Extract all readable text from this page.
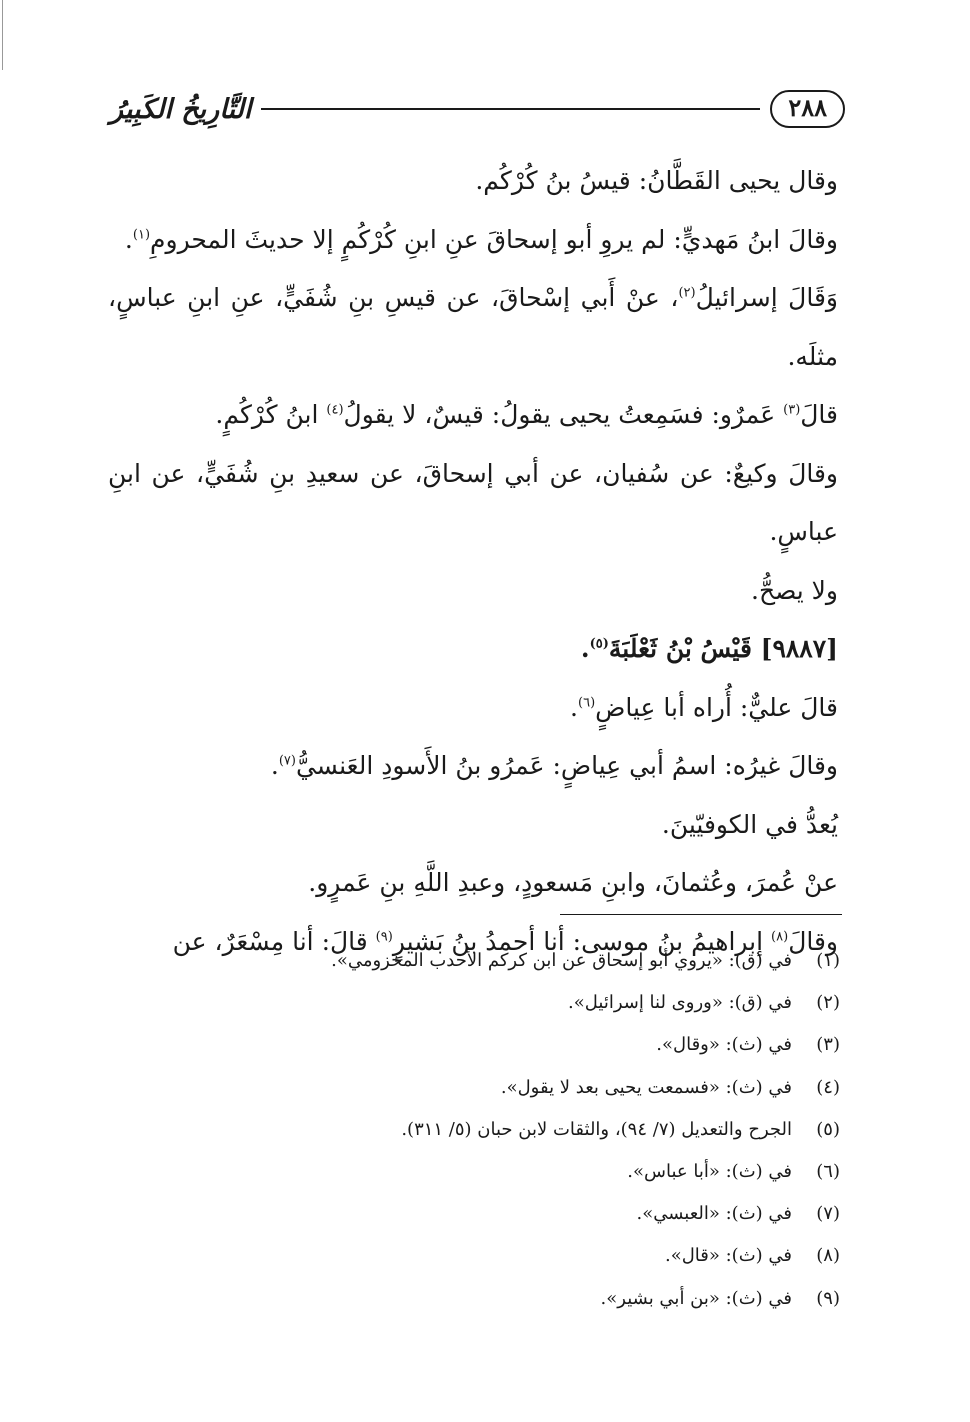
٢٨٨
التَّارِيخُ الكَبِيرُ

وقال يحيى القَطَّانُ: قيسُ بنُ كُرْكُم.

وقالَ ابنُ مَهديٍّ: لم يروِ أبو إسحاقَ عنِ ابنِ كُرْكُمٍ إلا حديثَ المحرومِ$^{(١)}$.

وَقَالَ إسرائيلُ$^{(٢)}$، عنْ أَبي إسْحاقَ، عن قيسِ بنِ شُفَيٍّ، عنِ ابنِ عباسٍ، مثلَه.

قالَ$^{(٣)}$ عَمرٌو: فسَمِعتُ يحيى يقولُ: قيسٌ، لا يقولُ$^{(٤)}$ ابنُ كُرْكُمٍ.

وقالَ وكيعٌ: عن سُفيان، عن أبي إسحاقَ، عن سعيدِ بنِ شُفَيٍّ، عن ابنِ عباسٍ.

ولا يصحُّ.

[٩٨٨٧] قَيْسُ بْنُ ثَعْلَبَةَ$^{(٥)}$.

قالَ عليٌّ: أُراه أبا عِياضٍ$^{(٦)}$.

وقالَ غيرُه: اسمُ أبي عِياضٍ: عَمرُو بنُ الأَسودِ العَنسيُّ$^{(٧)}$.

يُعدُّ في الكوفيّينَ.

عنْ عُمرَ، وعُثمانَ، وابنِ مَسعودٍ، وعبدِ اللَّهِ بنِ عَمرٍو.

وقالَ$^{(٨)}$ إبراهيمُ بنُ موسى: أنا أحمدُ بنُ بَشيرٍ$^{(٩)}$ قالَ: أنا مِسْعَرٌ، عن

(١)
في (ق): «يروي أبو إسحاق عن ابن كركم الأحدب المخزومي».
(٢)
في (ق): «وروى لنا إسرائيل».
(٣)
في (ث): «وقال».
(٤)
في (ث): «فسمعت يحيى بعد لا يقول».
(٥)
الجرح والتعديل (٧/ ٩٤)، والثقات لابن حبان (٥/ ٣١١).
(٦)
في (ث): «أبا عباس».
(٧)
في (ث): «العبسي».
(٨)
في (ث): «قال».
(٩)
في (ث): «بن أبي بشير».
